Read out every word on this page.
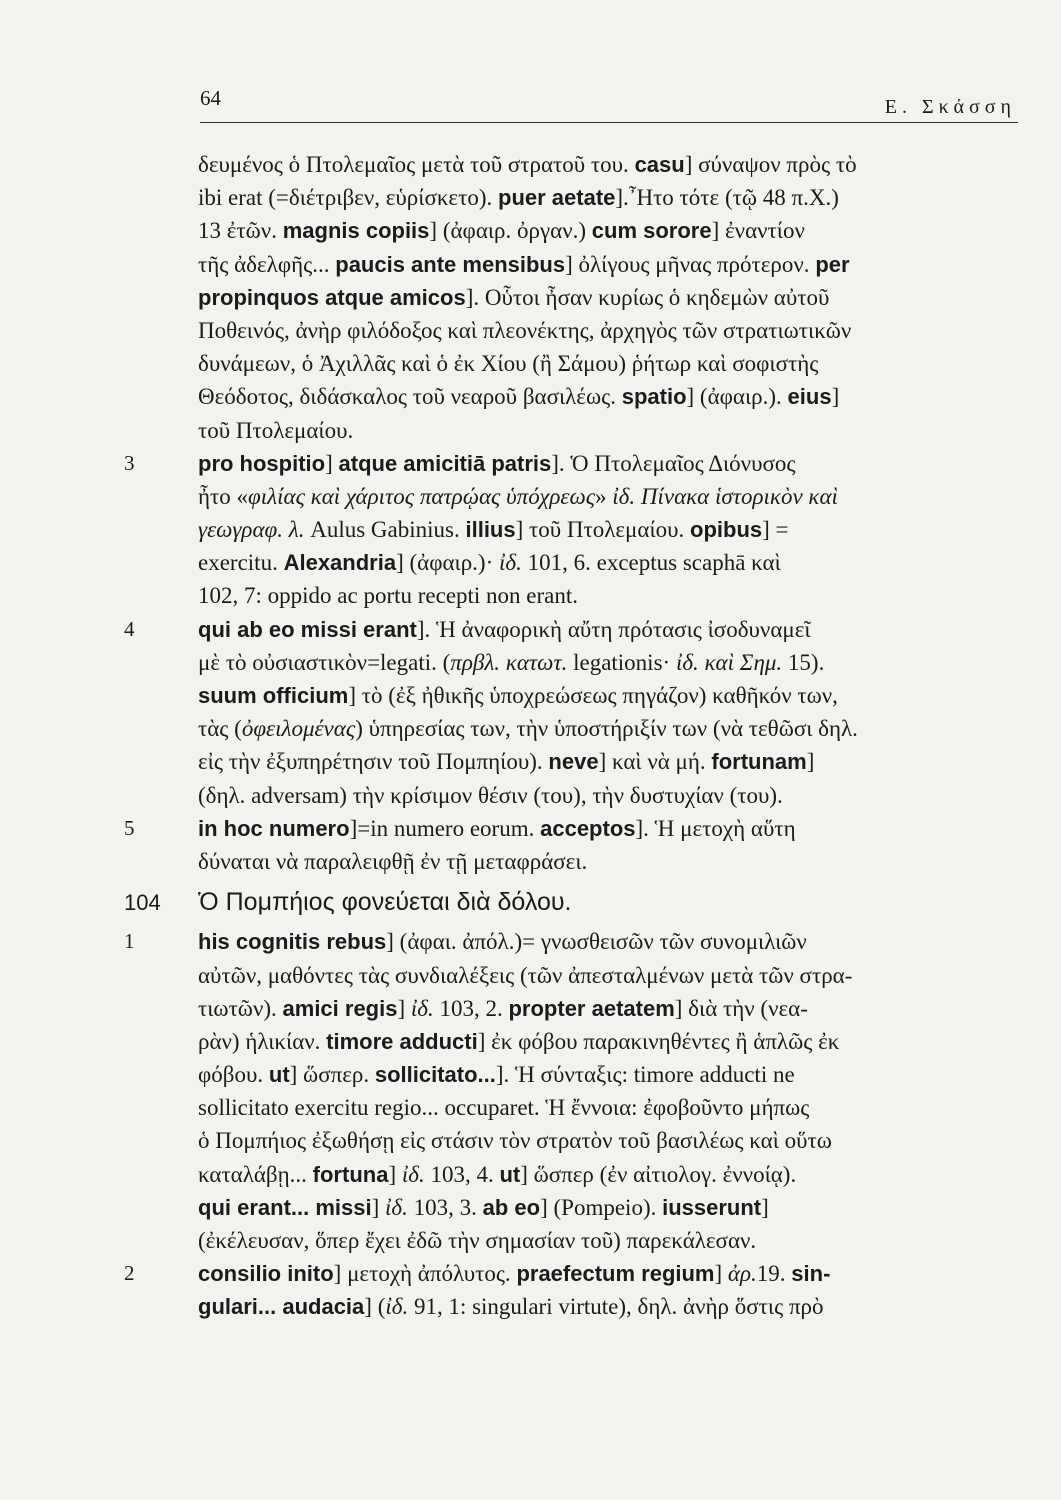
64	Ε. Σκάσση
δευμένος ὁ Πτολεμαῖος μετὰ τοῦ στρατοῦ του. casu] σύναψον πρὸς τὸ
ibi erat (=διέτριβεν, εὑρίσκετο). puer aetate].῏Ητο τότε (τῷ 48 π.Χ.)
13 ἐτῶν. magnis copiis] (ἀφαιρ. ὀργαν.) cum sorore] ἐναντίον
τῆς ἀδελφῆς... paucis ante mensibus] ὀλίγους μῆνας πρότερον. per
propinquos atque amicos]. Οὗτοι ἦσαν κυρίως ὁ κηδεμὼν αὐτοῦ
Ποθεινός, ἀνὴρ φιλόδοξος καὶ πλεονέκτης, ἀρχηγὸς τῶν στρατιωτικῶν
δυνάμεων, ὁ Ἀχιλλᾶς καὶ ὁ ἐκ Χίου (ἢ Σάμου) ῥήτωρ καὶ σοφιστὴς
Θεόδοτος, διδάσκαλος τοῦ νεαροῦ βασιλέως. spatio] (ἀφαιρ.). eius]
τοῦ Πτολεμαίου.
3	pro hospitio] atque amicitiā patris]. Ὁ Πτολεμαῖος Διόνυσος
ἦτο «φιλίας καὶ χάριτος πατρῴας ὑπόχρεως» ἰδ. Πίνακα ἱστορικὸν καὶ
γεωγραφ. λ. Aulus Gabinius. illius] τοῦ Πτολεμαίου. opibus] =
exercitu. Alexandria] (ἀφαιρ.)· ἰδ. 101, 6. exceptus scaphā καὶ
102, 7: oppido ac portu recepti non erant.
4	qui ab eo missi erant]. Ἡ ἀναφορικὴ αὔτη πρότασις ἰσοδυναμεῖ
μὲ τὸ οὐσιαστικὸν=legati. (πρβλ. κατωτ. legationis· ἰδ. καὶ Σημ. 15).
suum officium] τὸ (ἐξ ἠθικῆς ὑποχρεώσεως πηγάζον) καθῆκόν των,
τὰς (ὀφειλομένας) ὑπηρεσίας των, τὴν ὑποστήριξίν των (νὰ τεθῶσι δηλ.
εἰς τὴν ἐξυπηρέτησιν τοῦ Πομπηίου). neve] καὶ νὰ μή. fortunam]
(δηλ. adversam) τὴν κρίσιμον θέσιν (του), τὴν δυστυχίαν (του).
5	in hoc numero]=in numero eorum. acceptos]. Ἡ μετοχὴ αὕτη
δύναται νὰ παραλειφθῇ ἐν τῇ μεταφράσει.
104 Ὁ Πομπήιος φονεύεται διὰ δόλου.
1	his cognitis rebus] (ἀφαι. ἀπόλ.)= γνωσθεισῶν τῶν συνομιλιῶν
αὐτῶν, μαθόντες τὰς συνδιαλέξεις (τῶν ἀπεσταλμένων μετὰ τῶν στρα-
τιωτῶν). amici regis] ἰδ. 103, 2. propter aetatem] διὰ τὴν (νεα-
ρὰν) ἡλικίαν. timore adducti] ἐκ φόβου παρακινηθέντες ἢ ἁπλῶς ἐκ
φόβου. ut] ὥσπερ. sollicitato...]. Ἡ σύνταξις: timore adducti ne
sollicitato exercitu regio... occuparet. Ἡ ἔννοια: ἐφοβοῦντο μήπως
ὁ Πομπήιος ἐξωθήσῃ εἰς στάσιν τὸν στρατὸν τοῦ βασιλέως καὶ οὕτω
καταλάβῃ... fortuna] ἰδ. 103, 4. ut] ὥσπερ (ἐν αἰτιολογ. ἐννοίᾳ).
qui erant... missi] ἰδ. 103, 3. ab eo] (Pompeio). iusserunt]
(ἐκέλευσαν, ὅπερ ἔχει ἐδῶ τὴν σημασίαν τοῦ) παρεκάλεσαν.
2	consilio inito] μετοχὴ ἀπόλυτος. praefectum regium] ἀρ.19. sin-
gulari... audacia] (ἰδ. 91, 1: singulari virtute), δηλ. ἀνὴρ ὅστις πρὸ
